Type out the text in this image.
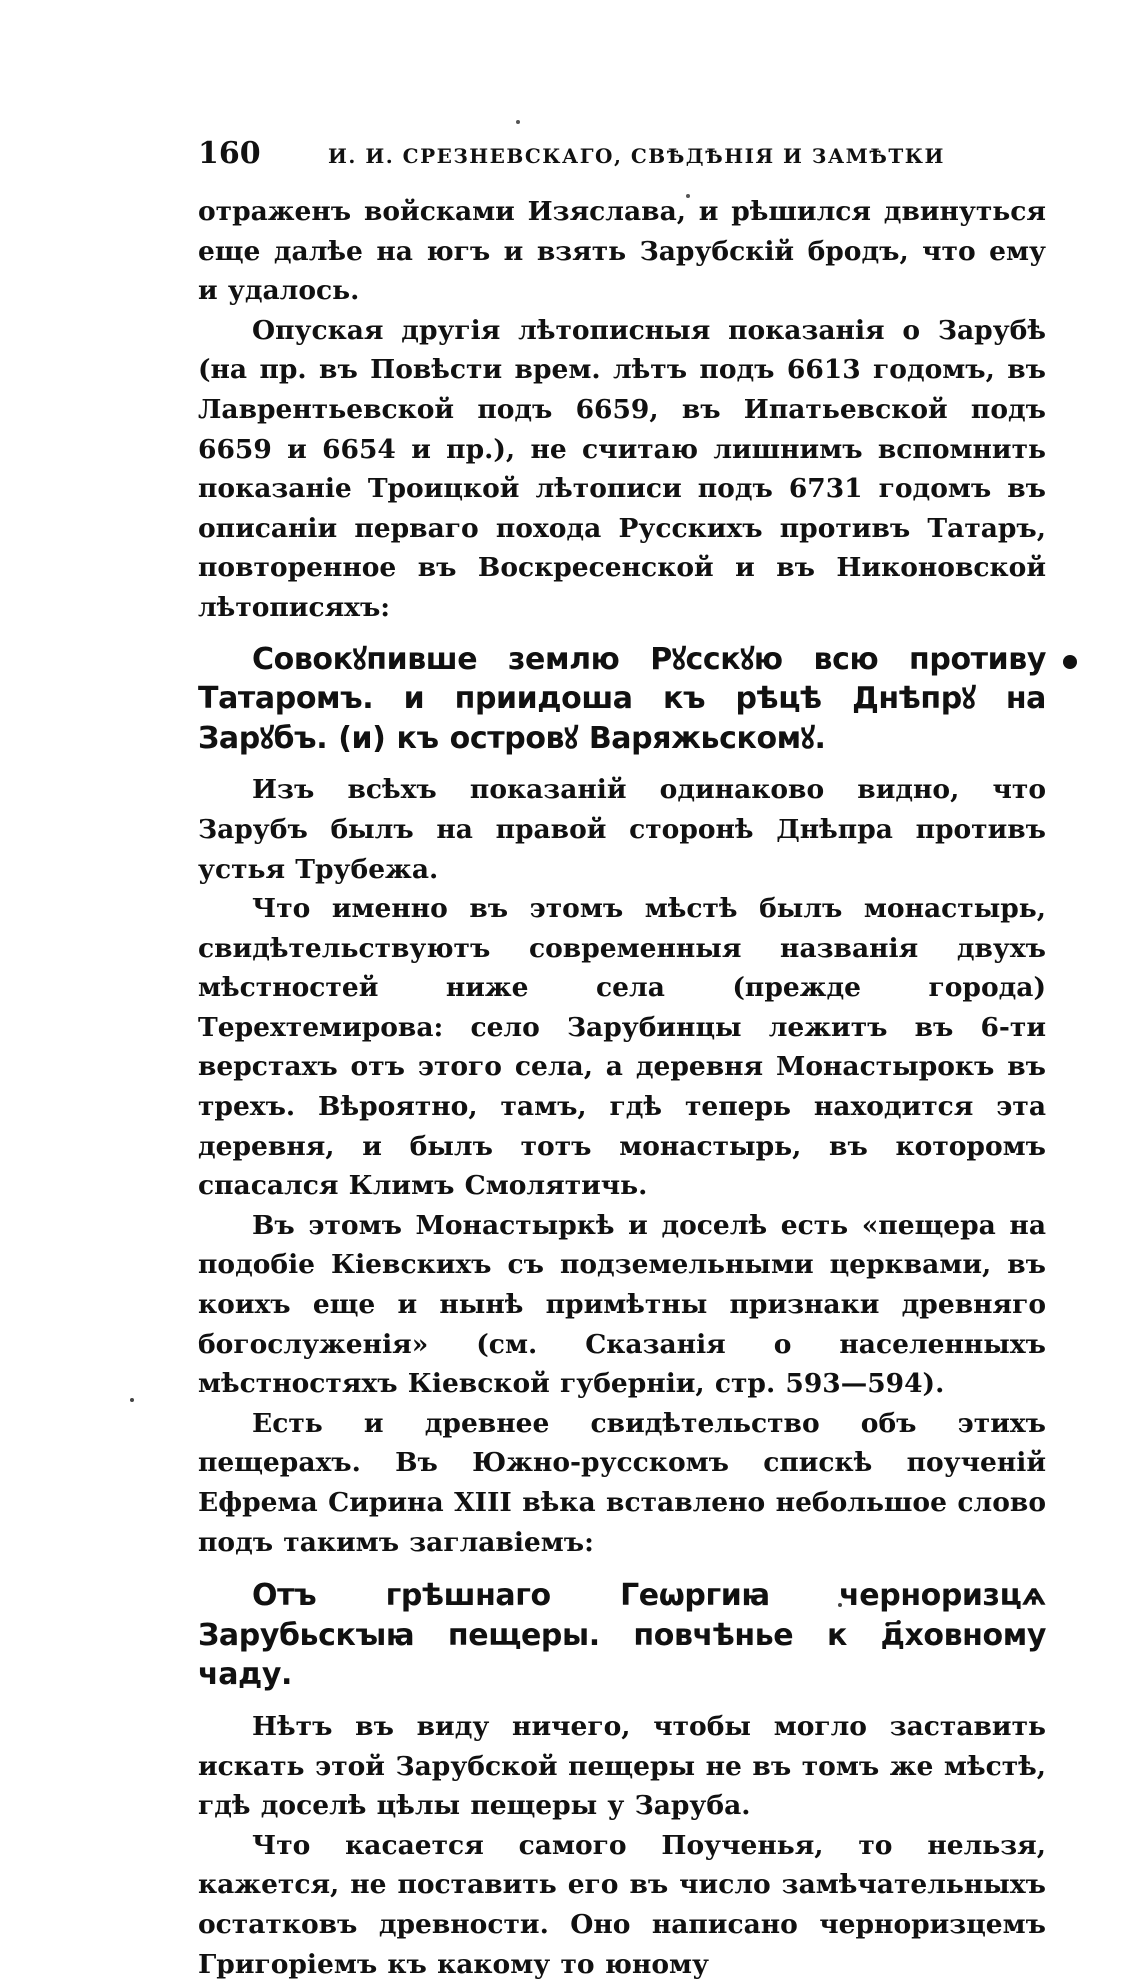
160	И. И. СРЕЗНЕВСКАГО, СВѢДѢНІЯ И ЗАМѢТКИ

отраженъ войсками Изяслава, и рѣшился двинуться еще далѣе на югъ и взять Зарубскій бродъ, что ему и удалось.

Опуская другія лѣтописныя показанія о Зарубѣ (на пр. въ Повѣсти врем. лѣтъ подъ 6613 годомъ, въ Лаврентьевской подъ 6659, въ Ипатьевской подъ 6659 и 6654 и пр.), не считаю лишнимъ вспомнить показаніе Троицкой лѣтописи подъ 6731 годомъ въ описаніи перваго похода Русскихъ противъ Татаръ, повторенное въ Воскресенской и въ Никоновской лѣтописяхъ:

Совокꙋпивше землю Рꙋсскꙋю всю противу Татаромъ. и приидоша къ рѣцѣ Днѣпрꙋ на Зарꙋбъ. (и) къ островꙋ Варяжьскомꙋ.

Изъ всѣхъ показаній одинаково видно, что Зарубъ былъ на правой сторонѣ Днѣпра противъ устья Трубежа.

Что именно въ этомъ мѣстѣ былъ монастырь, свидѣтельствуютъ современныя названія двухъ мѣстностей ниже села (прежде города) Терехтемирова: село Зарубинцы лежитъ въ 6-ти верстахъ отъ этого села, а деревня Монастырокъ въ трехъ. Вѣроятно, тамъ, гдѣ теперь находится эта деревня, и былъ тотъ монастырь, въ которомъ спасался Климъ Смолятичь.

Въ этомъ Монастыркѣ и доселѣ есть «пещера на подобіе Кіевскихъ съ подземельными церквами, въ коихъ еще и нынѣ примѣтны признаки древняго богослуженія» (см. Сказанія о населенныхъ мѣстностяхъ Кіевской губерніи, стр. 593—594).

Есть и древнее свидѣтельство объ этихъ пещерахъ. Въ Южно-русскомъ спискѣ поученій Ефрема Сирина XIII вѣка вставлено небольшое слово подъ такимъ заглавіемъ:

Отъ грѣшнаго Геѡргиꙗ черноризцѧ Зарубьскꙑꙗ пещеры. повчѣнье к д҃ховному чаду.

Нѣтъ въ виду ничего, чтобы могло заставить искать этой Зарубской пещеры не въ томъ же мѣстѣ, гдѣ доселѣ цѣлы пещеры у Заруба.

Что касается самого Поученья, то нельзя, кажется, не поставить его въ число замѣчательныхъ остатковъ древности. Оно написано черноризцемъ Григоріемъ къ какому то юному
